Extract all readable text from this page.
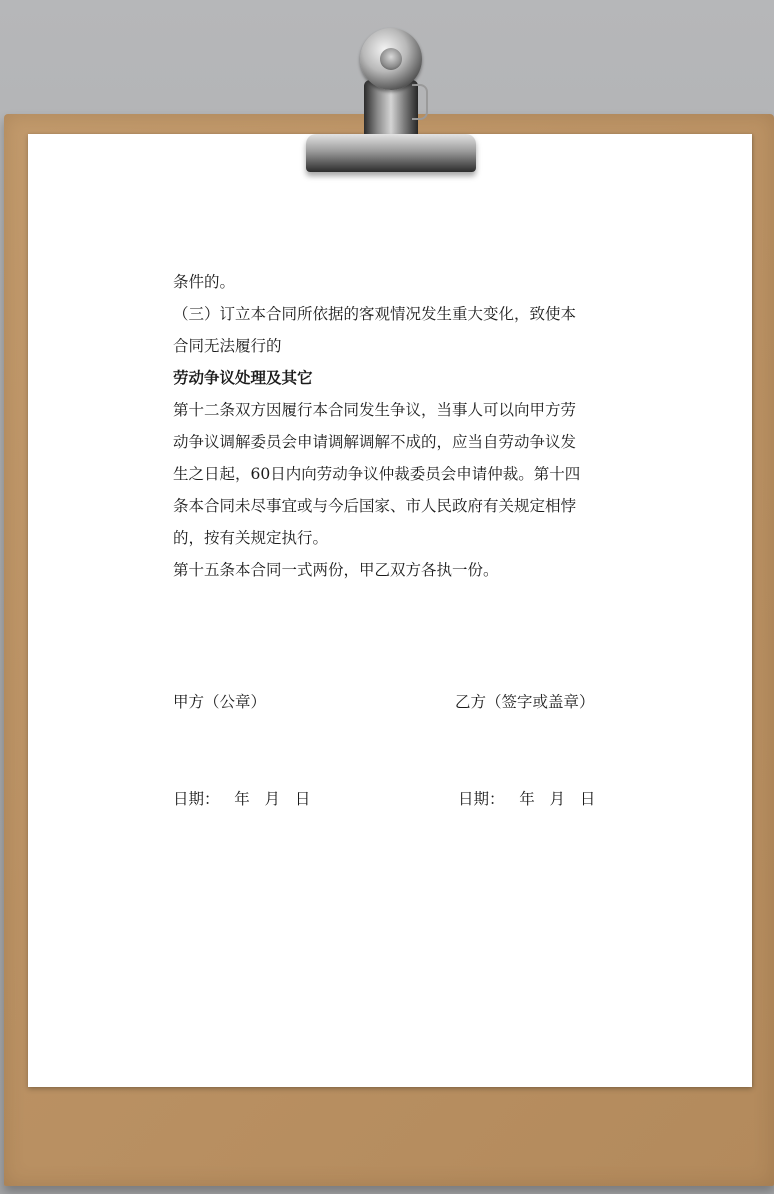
条件的。
（三）订立本合同所依据的客观情况发生重大变化，致使本
合同无法履行的
劳动争议处理及其它
第十二条双方因履行本合同发生争议，当事人可以向甲方劳
动争议调解委员会申请调解调解不成的，应当自劳动争议发
生之日起，60日内向劳动争议仲裁委员会申请仲裁。第十四
条本合同未尽事宜或与今后国家、市人民政府有关规定相悖
的，按有关规定执行。
第十五条本合同一式两份，甲乙双方各执一份。
甲方（公章）	乙方（签字或盖章）
日期：   年   月   日	日期：   年   月   日
